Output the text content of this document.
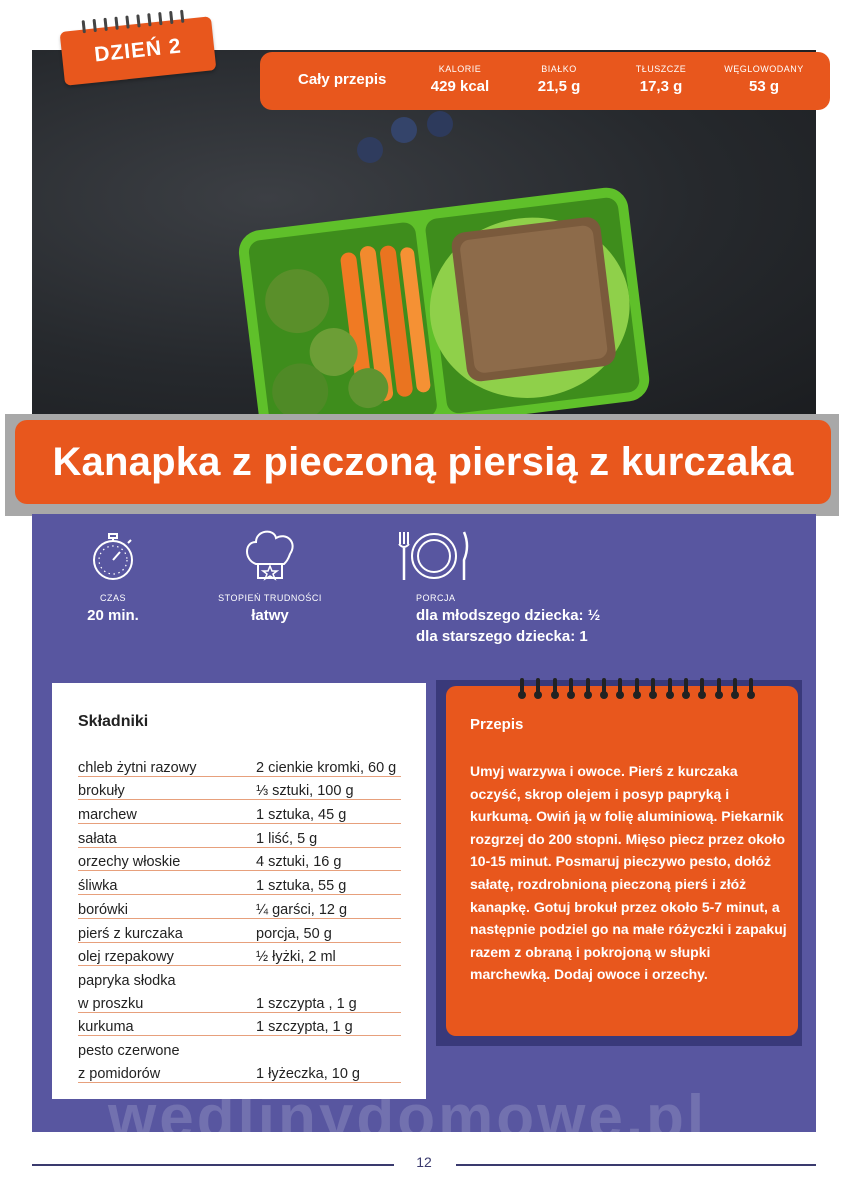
DZIEŃ 2
Cały przepis
KALORIE
429 kcal
BIAŁKO
21,5 g
TŁUSZCZE
17,3 g
WĘGLOWODANY
53 g
Kanapka z pieczoną piersią z kurczaka
CZAS
20 min.
STOPIEŃ TRUDNOŚCI
łatwy
PORCJA
dla młodszego dziecka: ½
dla starszego dziecka: 1
Składniki
chleb żytni razowy	2 cienkie kromki, 60 g
brokuły	⅓ sztuki, 100 g
marchew	1 sztuka, 45 g
sałata	1 liść, 5 g
orzechy włoskie	4 sztuki, 16 g
śliwka	1 sztuka, 55 g
borówki	¼ garści, 12 g
pierś z kurczaka	porcja, 50 g
olej rzepakowy	½ łyżki, 2 ml
papryka słodka	
w proszku	1 szczypta , 1 g
kurkuma	1 szczypta, 1 g
pesto czerwone	
z pomidorów	1 łyżeczka, 10 g
Przepis

Umyj warzywa i owoce. Pierś z kurczaka oczyść, skrop olejem i posyp papryką i kurkumą. Owiń ją w folię aluminiową. Piekarnik rozgrzej do 200 stopni. Mięso piecz przez około 10-15 minut. Posmaruj pieczywo pesto, dołóż sałatę, rozdrobnioną pieczoną pierś i złóż kanapkę. Gotuj brokuł przez około 5-7 minut, a następnie podziel go na małe różyczki i zapakuj razem z obraną i pokrojoną w słupki marchewką. Dodaj owoce i orzechy.

wedlinydomowe.pl
12
